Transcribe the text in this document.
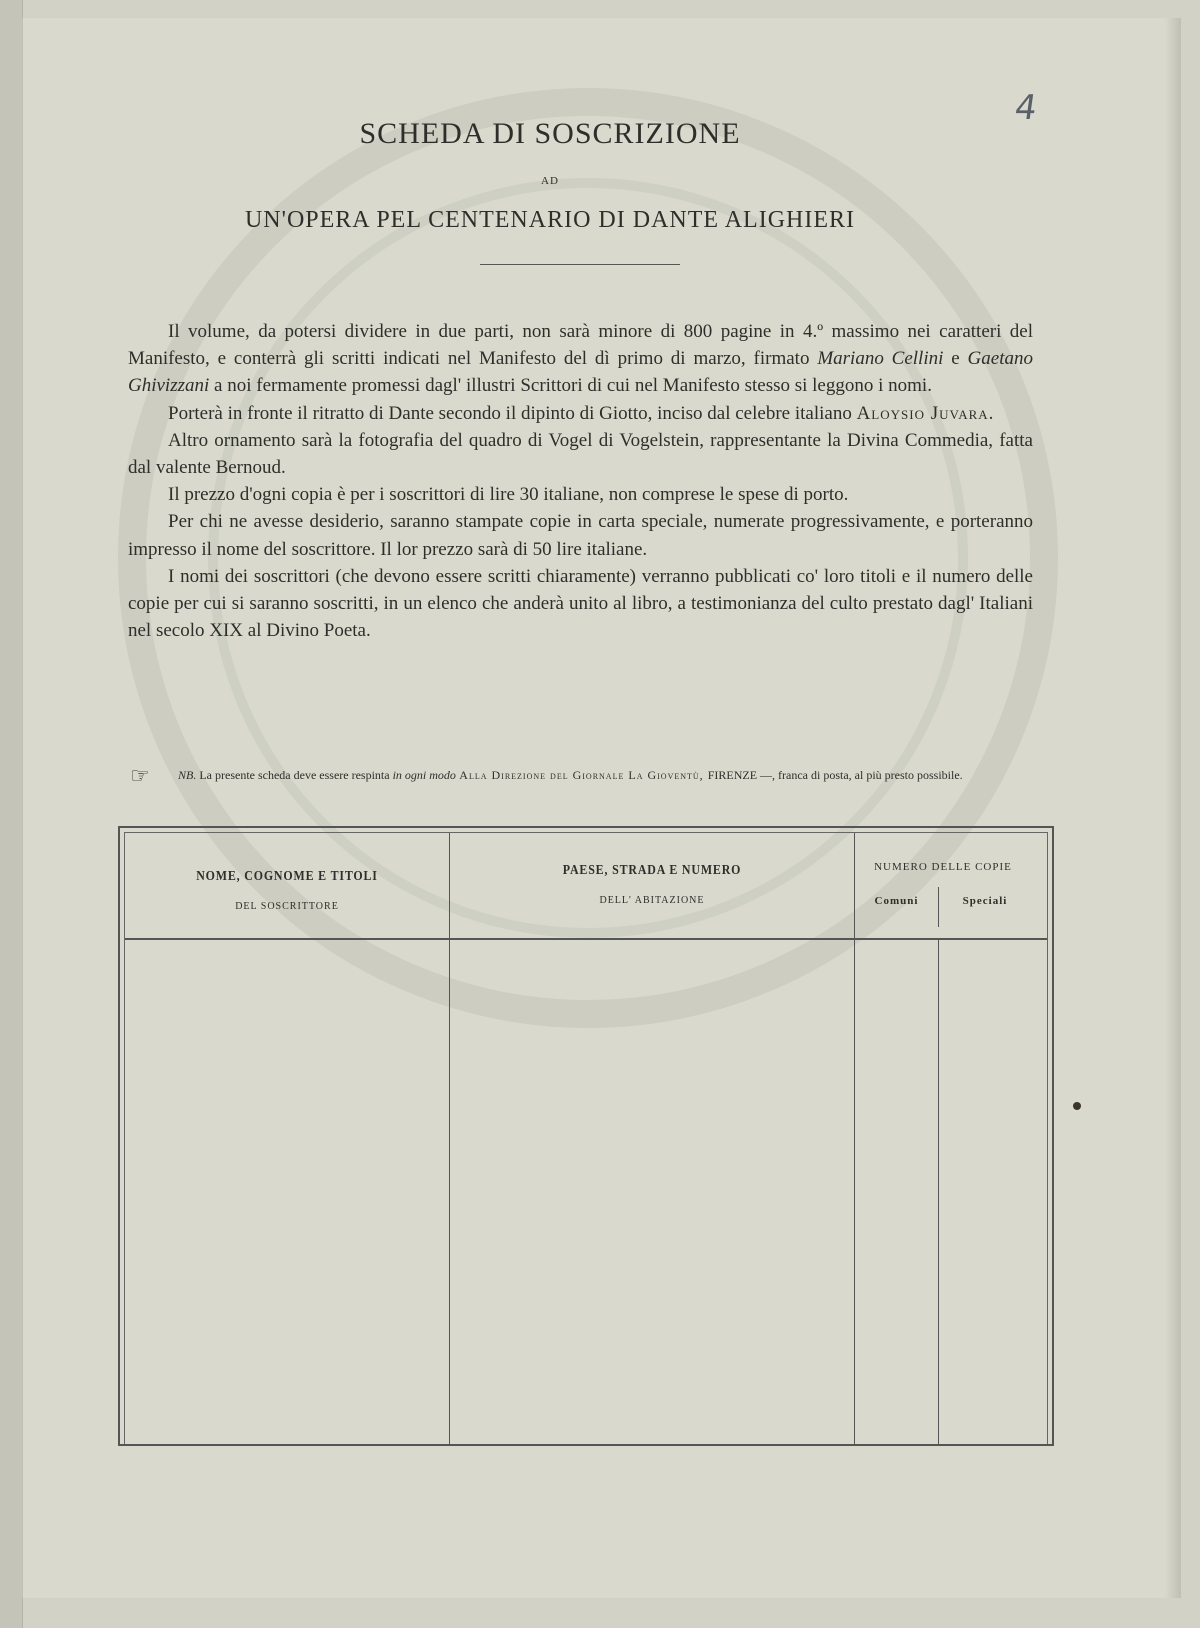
4
SCHEDA DI SOSCRIZIONE
AD
UN'OPERA PEL CENTENARIO DI DANTE ALIGHIERI

Il volume, da potersi dividere in due parti, non sarà minore di 800 pagine in 4.º massimo nei caratteri del Manifesto, e conterrà gli scritti indicati nel Manifesto del dì primo di marzo, firmato Mariano Cellini e Gaetano Ghivizzani a noi fermamente promessi dagl' illustri Scrittori di cui nel Manifesto stesso si leggono i nomi.

Porterà in fronte il ritratto di Dante secondo il dipinto di Giotto, inciso dal celebre italiano Aloysio Juvara.

Altro ornamento sarà la fotografia del quadro di Vogel di Vogelstein, rappresentante la Divina Commedia, fatta dal valente Bernoud.

Il prezzo d'ogni copia è per i soscrittori di lire 30 italiane, non comprese le spese di porto.

Per chi ne avesse desiderio, saranno stampate copie in carta speciale, numerate progressivamente, e porteranno impresso il nome del soscrittore. Il lor prezzo sarà di 50 lire italiane.

I nomi dei soscrittori (che devono essere scritti chiaramente) verranno pubblicati co' loro titoli e il numero delle copie per cui si saranno soscritti, in un elenco che anderà unito al libro, a testimonianza del culto prestato dagl' Italiani nel secolo XIX al Divino Poeta.

☞ NB. La presente scheda deve essere respinta in ogni modo Alla Direzione del Giornale La Gioventù, FIRENZE —, franca di posta, al più presto possibile.
NOME, COGNOME E TITOLI
DEL SOSCRITTORE
PAESE, STRADA E NUMERO
DELL' ABITAZIONE
NUMERO DELLE COPIE
Comuni	Speciali
